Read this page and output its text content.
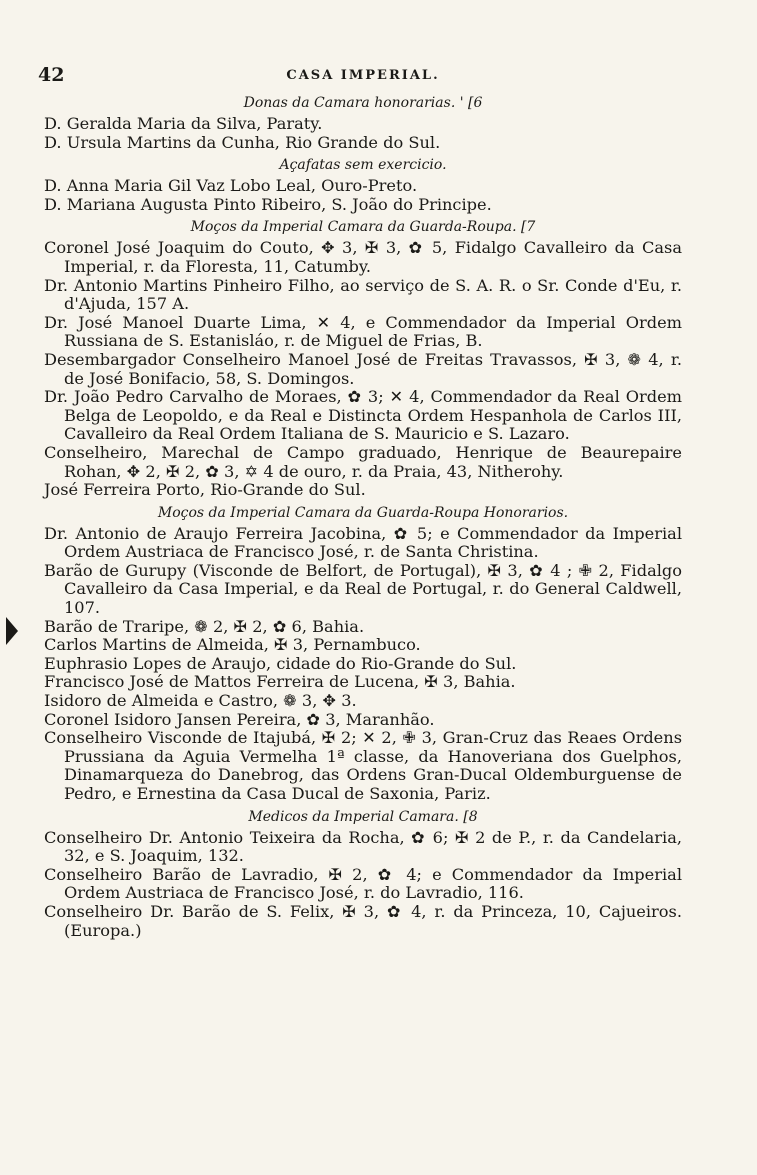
42	CASA IMPERIAL.
Donas da Camara honorarias. ' [6

D. Geralda Maria da Silva, Paraty.

D. Ursula Martins da Cunha, Rio Grande do Sul.

Açafatas sem exercicio.

D. Anna Maria Gil Vaz Lobo Leal, Ouro-Preto.

D. Mariana Augusta Pinto Ribeiro, S. João do Principe.

Moços da Imperial Camara da Guarda-Roupa. [7

Coronel José Joaquim do Couto, ✥ 3, ✠ 3, ✿ 5, Fidalgo Cavalleiro da Casa Imperial, r. da Floresta, 11, Catumby.

Dr. Antonio Martins Pinheiro Filho, ao serviço de S. A. R. o Sr. Conde d'Eu, r. d'Ajuda, 157 A.

Dr. José Manoel Duarte Lima, ✕ 4, e Commendador da Imperial Ordem Russiana de S. Estanisláo, r. de Miguel de Frias, B.

Desembargador Conselheiro Manoel José de Freitas Travassos, ✠ 3, ❁ 4, r. de José Bonifacio, 58, S. Domingos.

Dr. João Pedro Carvalho de Moraes, ✿ 3; ✕ 4, Commendador da Real Ordem Belga de Leopoldo, e da Real e Distincta Ordem Hespanhola de Carlos III, Cavalleiro da Real Ordem Italiana de S. Mauricio e S. Lazaro.

Conselheiro, Marechal de Campo graduado, Henrique de Beaurepaire Rohan, ✥ 2, ✠ 2, ✿ 3, ✡ 4 de ouro, r. da Praia, 43, Nitherohy.

José Ferreira Porto, Rio-Grande do Sul.

Moços da Imperial Camara da Guarda-Roupa Honorarios.

Dr. Antonio de Araujo Ferreira Jacobina, ✿ 5; e Commendador da Imperial Ordem Austriaca de Francisco José, r. de Santa Christina.

Barão de Gurupy (Visconde de Belfort, de Portugal), ✠ 3, ✿ 4 ; ✙ 2, Fidalgo Cavalleiro da Casa Imperial, e da Real de Portugal, r. do General Caldwell, 107.

Barão de Traripe, ❁ 2, ✠ 2, ✿ 6, Bahia.

Carlos Martins de Almeida, ✠ 3, Pernambuco.

Euphrasio Lopes de Araujo, cidade do Rio-Grande do Sul.

Francisco José de Mattos Ferreira de Lucena, ✠ 3, Bahia.

Isidoro de Almeida e Castro, ❁ 3, ✥ 3.

Coronel Isidoro Jansen Pereira, ✿ 3, Maranhão.

Conselheiro Visconde de Itajubá, ✠ 2; ✕ 2, ✙ 3, Gran-Cruz das Reaes Ordens Prussiana da Aguia Vermelha 1ª classe, da Hanoveriana dos Guelphos, Dinamarqueza do Danebrog, das Ordens Gran-Ducal Oldemburguense de Pedro, e Ernestina da Casa Ducal de Saxonia, Pariz.

Medicos da Imperial Camara. [8

Conselheiro Dr. Antonio Teixeira da Rocha, ✿ 6; ✠ 2 de P., r. da Candelaria, 32, e S. Joaquim, 132.

Conselheiro Barão de Lavradio, ✠ 2, ✿ 4; e Commendador da Imperial Ordem Austriaca de Francisco José, r. do Lavradio, 116.

Conselheiro Dr. Barão de S. Felix, ✠ 3, ✿ 4, r. da Princeza, 10, Cajueiros. (Europa.)
